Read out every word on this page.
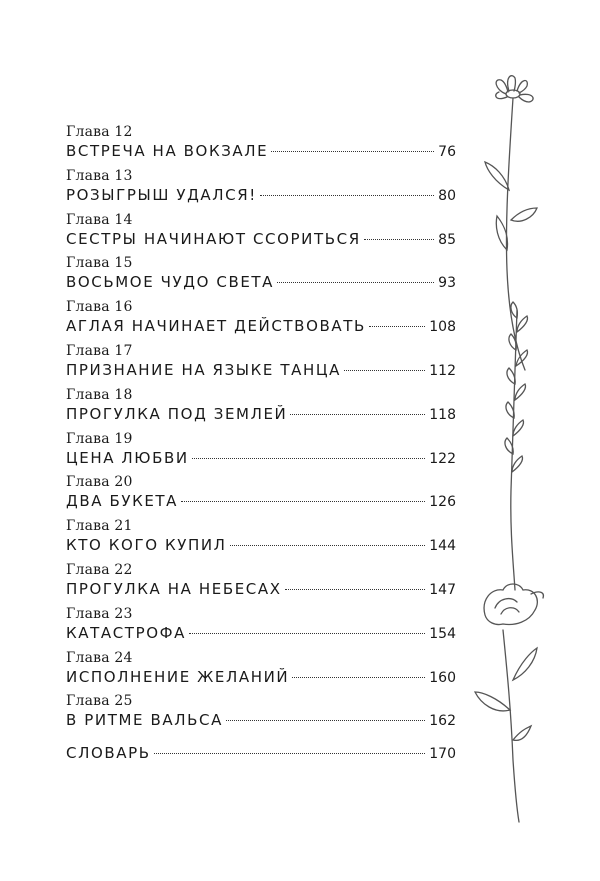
Глава 12
ВСТРЕЧА НА ВОКЗАЛЕ	76
Глава 13
РОЗЫГРЫШ УДАЛСЯ!	80
Глава 14
СЕСТРЫ НАЧИНАЮТ ССОРИТЬСЯ	85
Глава 15
ВОСЬМОЕ ЧУДО СВЕТА	93
Глава 16
АГЛАЯ НАЧИНАЕТ ДЕЙСТВОВАТЬ	108
Глава 17
ПРИЗНАНИЕ НА ЯЗЫКЕ ТАНЦА	112
Глава 18
ПРОГУЛКА ПОД ЗЕМЛЕЙ	118
Глава 19
ЦЕНА ЛЮБВИ	122
Глава 20
ДВА БУКЕТА	126
Глава 21
КТО КОГО КУПИЛ	144
Глава 22
ПРОГУЛКА НА НЕБЕСАХ	147
Глава 23
КАТАСТРОФА	154
Глава 24
ИСПОЛНЕНИЕ ЖЕЛАНИЙ	160
Глава 25
В РИТМЕ ВАЛЬСА	162
СЛОВАРЬ	170
